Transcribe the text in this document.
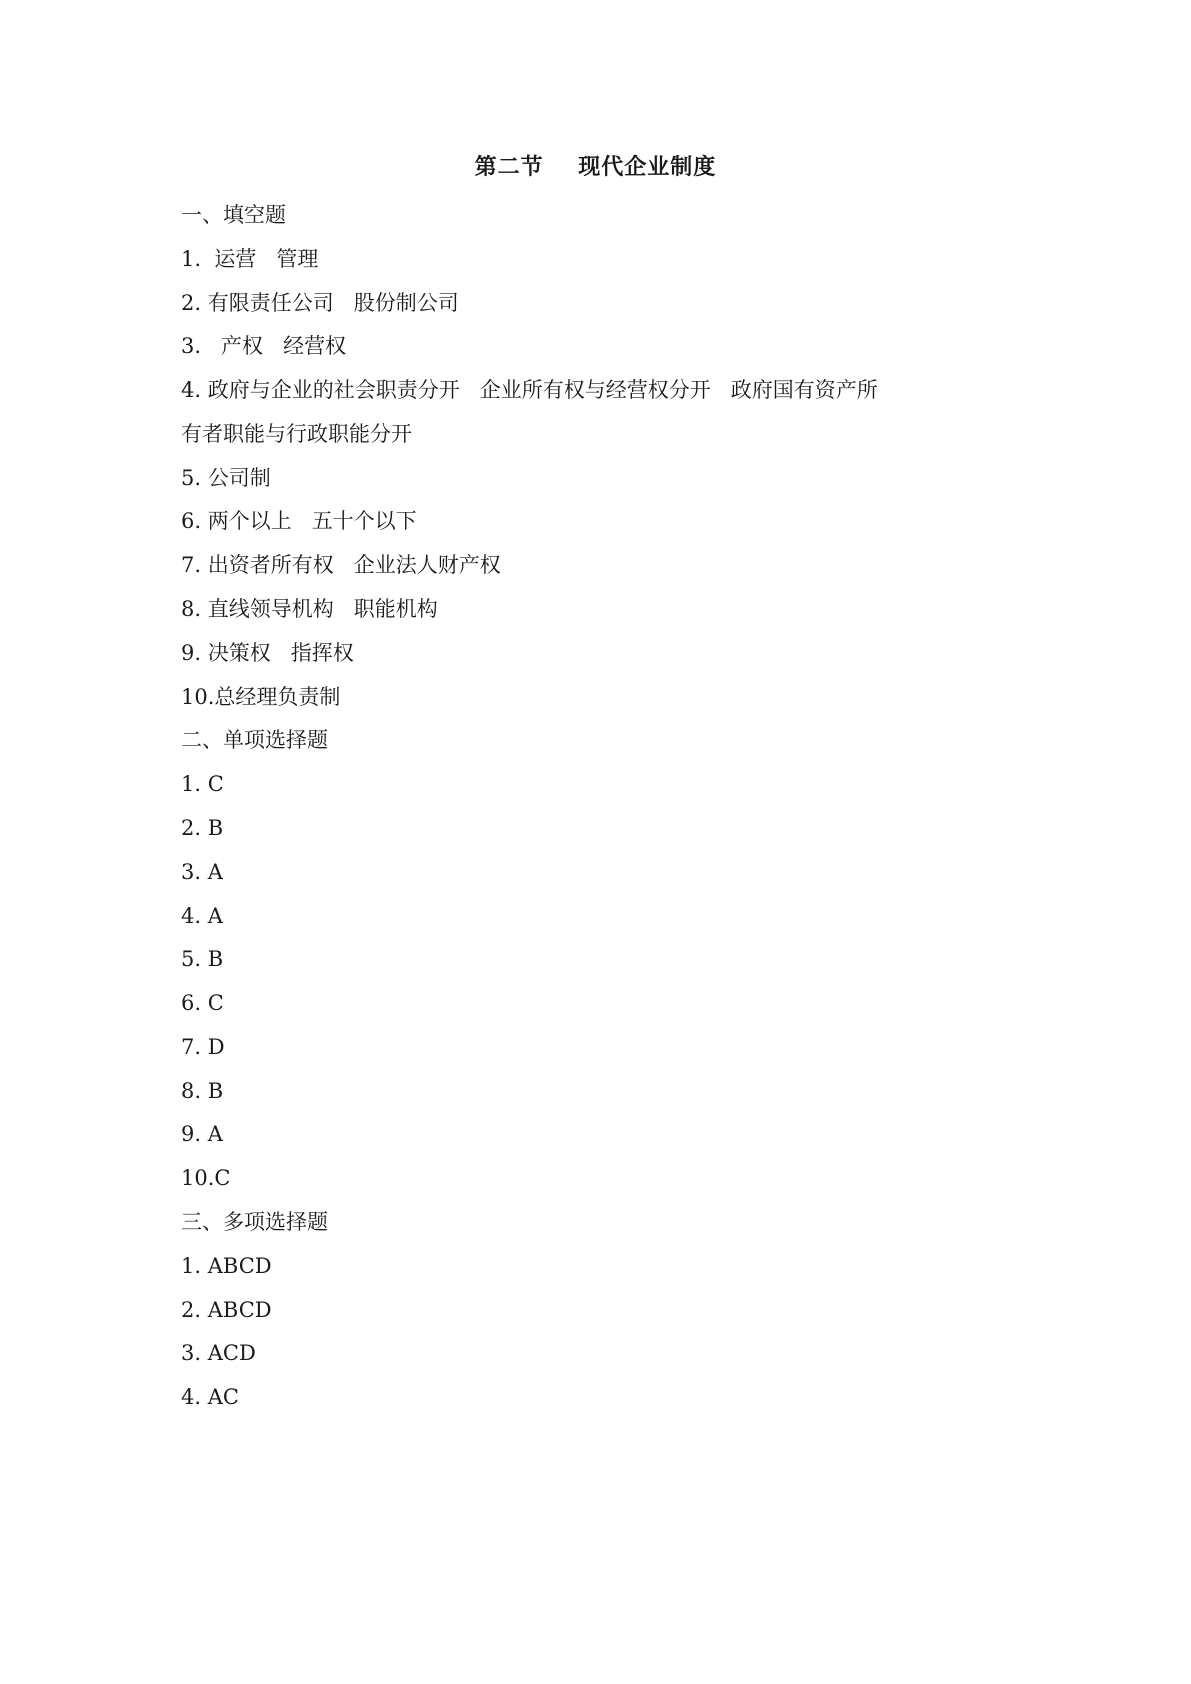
第二节    现代企业制度
一、填空题
1.  运营   管理
2. 有限责任公司   股份制公司
3.   产权   经营权
4. 政府与企业的社会职责分开   企业所有权与经营权分开   政府国有资产所
有者职能与行政职能分开
5. 公司制
6. 两个以上   五十个以下
7. 出资者所有权   企业法人财产权
8. 直线领导机构   职能机构
9. 决策权   指挥权
10.总经理负责制
二、单项选择题
1. C
2. B
3. A
4. A
5. B
6. C
7. D
8. B
9. A
10.C
三、多项选择题
1. ABCD
2. ABCD
3. ACD
4. AC
